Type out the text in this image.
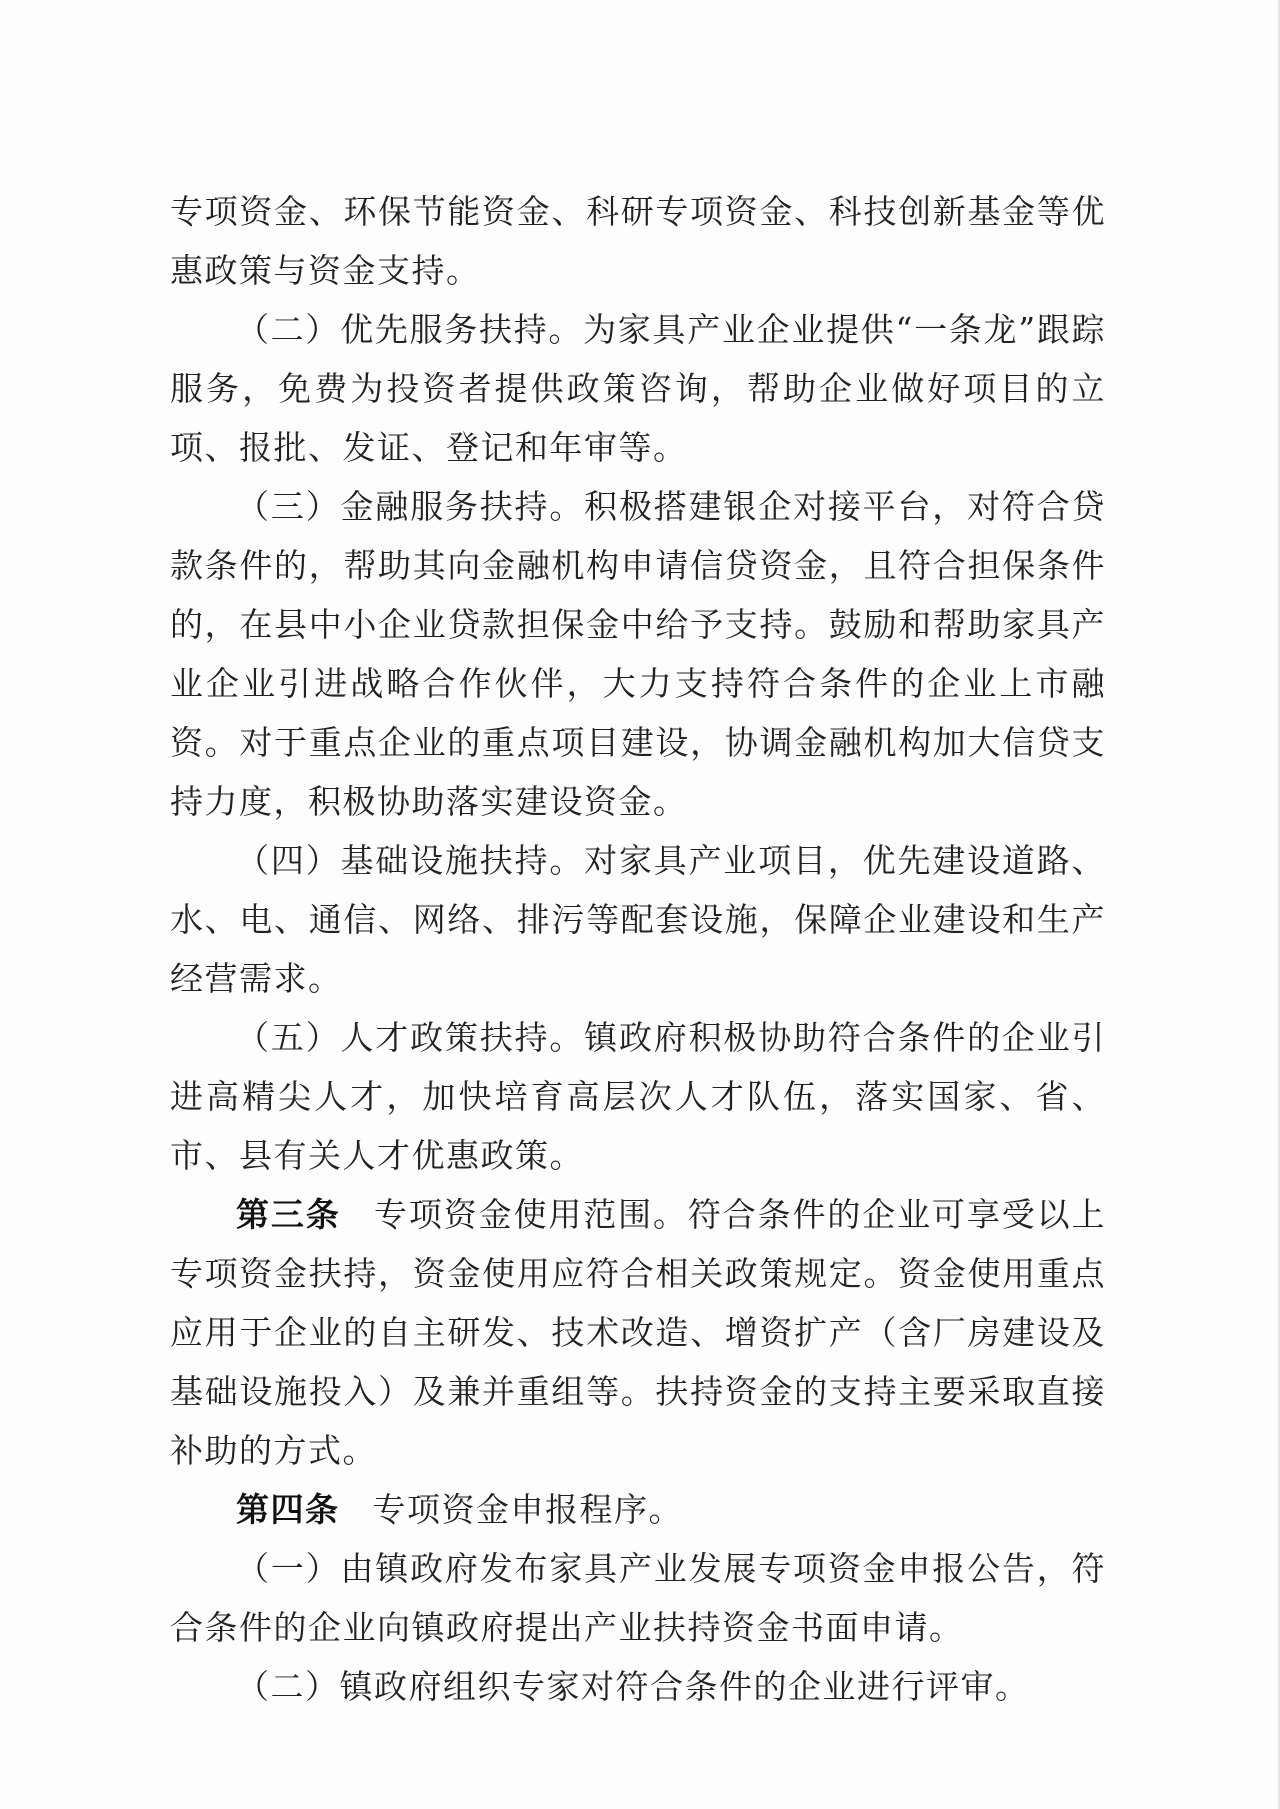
专项资金、环保节能资金、科研专项资金、科技创新基金等优惠政策与资金支持。

（二）优先服务扶持。为家具产业企业提供“一条龙”跟踪服务，免费为投资者提供政策咨询，帮助企业做好项目的立项、报批、发证、登记和年审等。

（三）金融服务扶持。积极搭建银企对接平台，对符合贷款条件的，帮助其向金融机构申请信贷资金，且符合担保条件的，在县中小企业贷款担保金中给予支持。鼓励和帮助家具产业企业引进战略合作伙伴，大力支持符合条件的企业上市融资。对于重点企业的重点项目建设，协调金融机构加大信贷支持力度，积极协助落实建设资金。

（四）基础设施扶持。对家具产业项目，优先建设道路、水、电、通信、网络、排污等配套设施，保障企业建设和生产经营需求。

（五）人才政策扶持。镇政府积极协助符合条件的企业引进高精尖人才，加快培育高层次人才队伍，落实国家、省、市、县有关人才优惠政策。

第三条 专项资金使用范围。符合条件的企业可享受以上专项资金扶持，资金使用应符合相关政策规定。资金使用重点应用于企业的自主研发、技术改造、增资扩产（含厂房建设及基础设施投入）及兼并重组等。扶持资金的支持主要采取直接补助的方式。

第四条 专项资金申报程序。

（一）由镇政府发布家具产业发展专项资金申报公告，符合条件的企业向镇政府提出产业扶持资金书面申请。

（二）镇政府组织专家对符合条件的企业进行评审。
